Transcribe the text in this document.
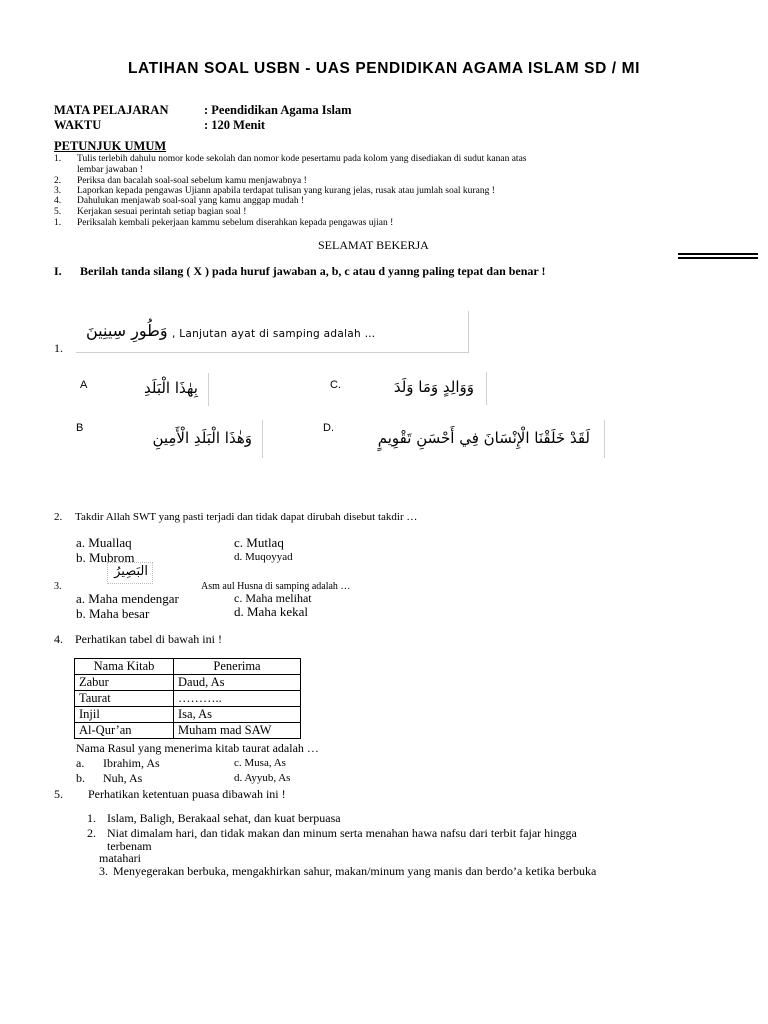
LATIHAN SOAL USBN - UAS PENDIDIKAN AGAMA ISLAM SD / MI
MATA PELAJARAN	: Peendidikan Agama Islam
WAKTU	: 120 Menit
PETUNJUK UMUM
1. Tulis terlebih dahulu nomor kode sekolah dan nomor kode pesertamu pada kolom yang disediakan di sudut kanan atas
lembar jawaban !
2. Periksa dan bacalah soal-soal sebelum kamu menjawabnya !
3. Laporkan kepada pengawas Ujiann apabila terdapat tulisan yang kurang jelas, rusak atau jumlah soal kurang !
4. Dahulukan menjawab soal-soal yang kamu anggap mudah !
5. Kerjakan sesuai perintah setiap bagian soal !
1. Periksalah kembali pekerjaan kammu sebelum diserahkan kepada pengawas ujian !
SELAMAT BEKERJA
I. Berilah tanda silang ( X ) pada huruf jawaban a, b, c atau d yanng paling tepat dan benar !
1.
وَطُورِ سِينِينَ , Lanjutan ayat di samping adalah …
A	بِهٰذَا الْبَلَدِ	C.	وَوَالِدٍ وَمَا وَلَدَ
B
وَهٰذَا الْبَلَدِ الْأَمِينِ
D.
لَقَدْ خَلَقْنَا الْإِنْسَانَ فِي أَحْسَنِ تَقْوِيمٍ
2. Takdir Allah SWT yang pasti terjadi dan tidak dapat dirubah disebut takdir …
a. Muallaq	c. Mutlaq
b. Mubrom	d. Muqoyyad
البَصِيرُ
3.	Asm aul Husna di samping adalah …
a. Maha mendengar	c. Maha melihat
b. Maha besar	d. Maha kekal
4. Perhatikan tabel di bawah ini !
Nama Kitab	Penerima
Zabur	Daud, As
Taurat	………..
Injil	Isa, As
Al-Qur’an	Muham mad SAW
Nama Rasul yang menerima kitab taurat adalah …
a. Ibrahim, As	c. Musa, As
b. Nuh, As	d. Ayyub, As
5. Perhatikan ketentuan puasa dibawah ini !
1. Islam, Baligh, Berakaal sehat, dan kuat berpuasa
2. Niat dimalam hari, dan tidak makan dan minum serta menahan hawa nafsu dari terbit fajar hingga
terbenam
matahari
3. Menyegerakan berbuka, mengakhirkan sahur, makan/minum yang manis dan berdo’a ketika berbuka
